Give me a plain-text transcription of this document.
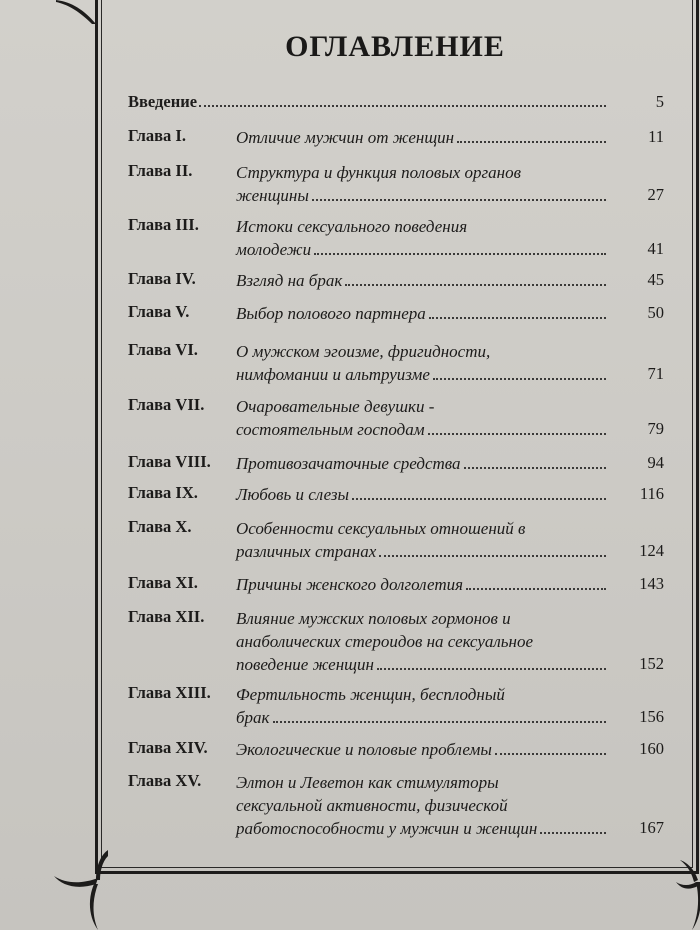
ОГЛАВЛЕНИЕ
Введение	5
Глава I.	Отличие мужчин от женщин	11
Глава II.	Структура и функция половых органов
женщины	27
Глава III. Истоки сексуального поведения
молодежи	41
Глава IV. Взгляд на брак	45
Глава V.	Выбор полового партнера	50
Глава VI. О мужском эгоизме, фригидности,
нимфомании и альтруизме	71
Глава VII. Очаровательные девушки -
состоятельным господам	79
Глава VIII. Противозачаточные средства	94
Глава IX. Любовь и слезы	116
Глава X.	Особенности сексуальных отношений в
различных странах	124
Глава XI. Причины женского долголетия	143
Глава XII. Влияние мужских половых гормонов и
анаболических стероидов на сексуальное
поведение женщин	152
Глава XIII. Фертильность женщин, бесплодный
брак	156
Глава XIV. Экологические и половые проблемы	160
Глава XV. Элтон и Левeтон как стимуляторы
сексуальной активности, физической
работоспособности у мужчин и женщин	167
